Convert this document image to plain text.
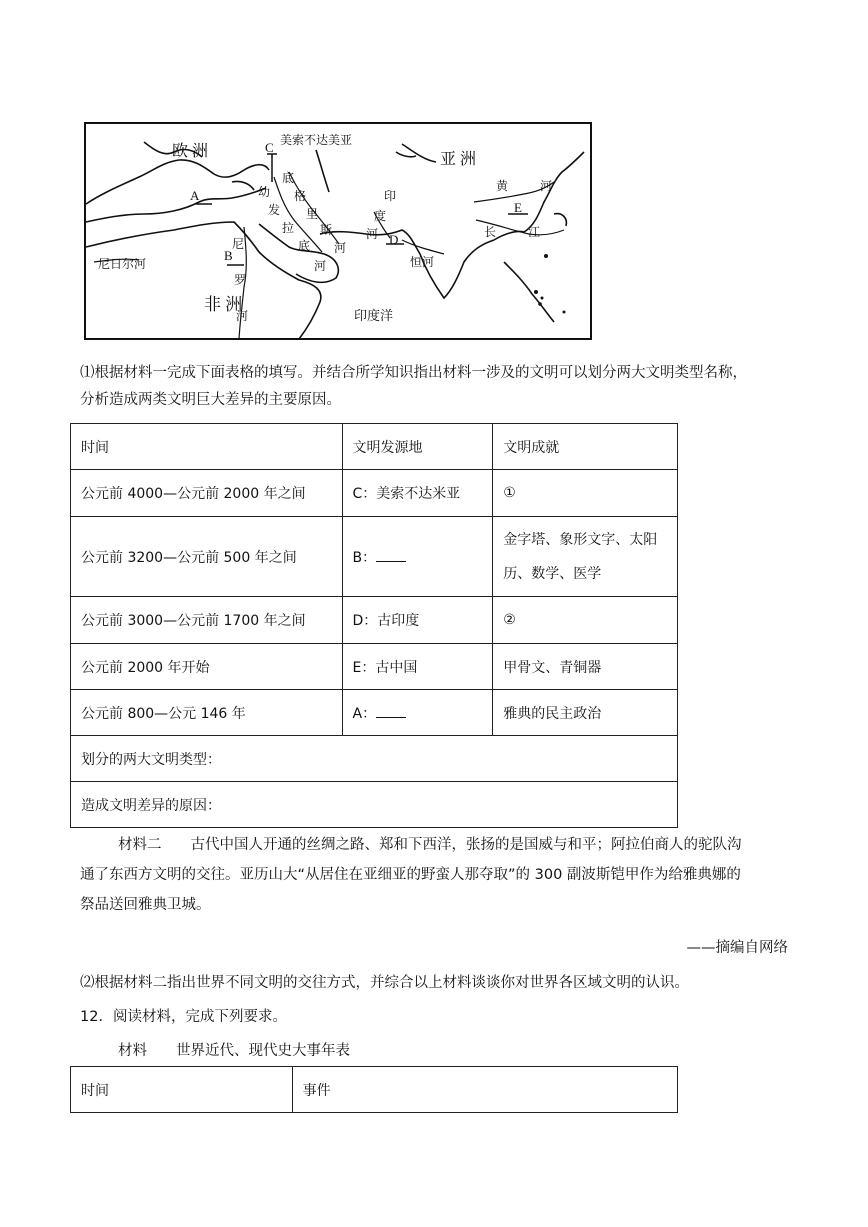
欧 洲	亚 洲
非 洲
美索不达美亚
尼日尔河
印度洋
A
B
C
D
E
底
格
里
斯
河
幼
发
拉
底
河
尼
罗
河
印
度
河
恒河
黄	河
长	江
⑴根据材料一完成下面表格的填写。并结合所学知识指出材料一涉及的文明可以划分两大文明类型名称，
分析造成两类文明巨大差异的主要原因。
时间	文明发源地	文明成就
公元前 4000—公元前 2000 年之间	C：美索不达米亚	①
公元前 3200—公元前 500 年之间	B：	金字塔、象形文字、太阳历、数学、医学
公元前 3000—公元前 1700 年之间	D：古印度	②
公元前 2000 年开始	E：古中国	甲骨文、青铜器
公元前 800—公元 146 年	A：	雅典的民主政治
划分的两大文明类型：		
造成文明差异的原因：		
材料二　　古代中国人开通的丝绸之路、郑和下西洋，张扬的是国威与和平；阿拉伯商人的驼队沟
通了东西方文明的交往。亚历山大“从居住在亚细亚的野蛮人那夺取”的 300 副波斯铠甲作为给雅典娜的
祭品送回雅典卫城。
——摘编自网络
⑵根据材料二指出世界不同文明的交往方式，并综合以上材料谈谈你对世界各区域文明的认识。
12．阅读材料，完成下列要求。
材料　　世界近代、现代史大事年表
时间	事件
